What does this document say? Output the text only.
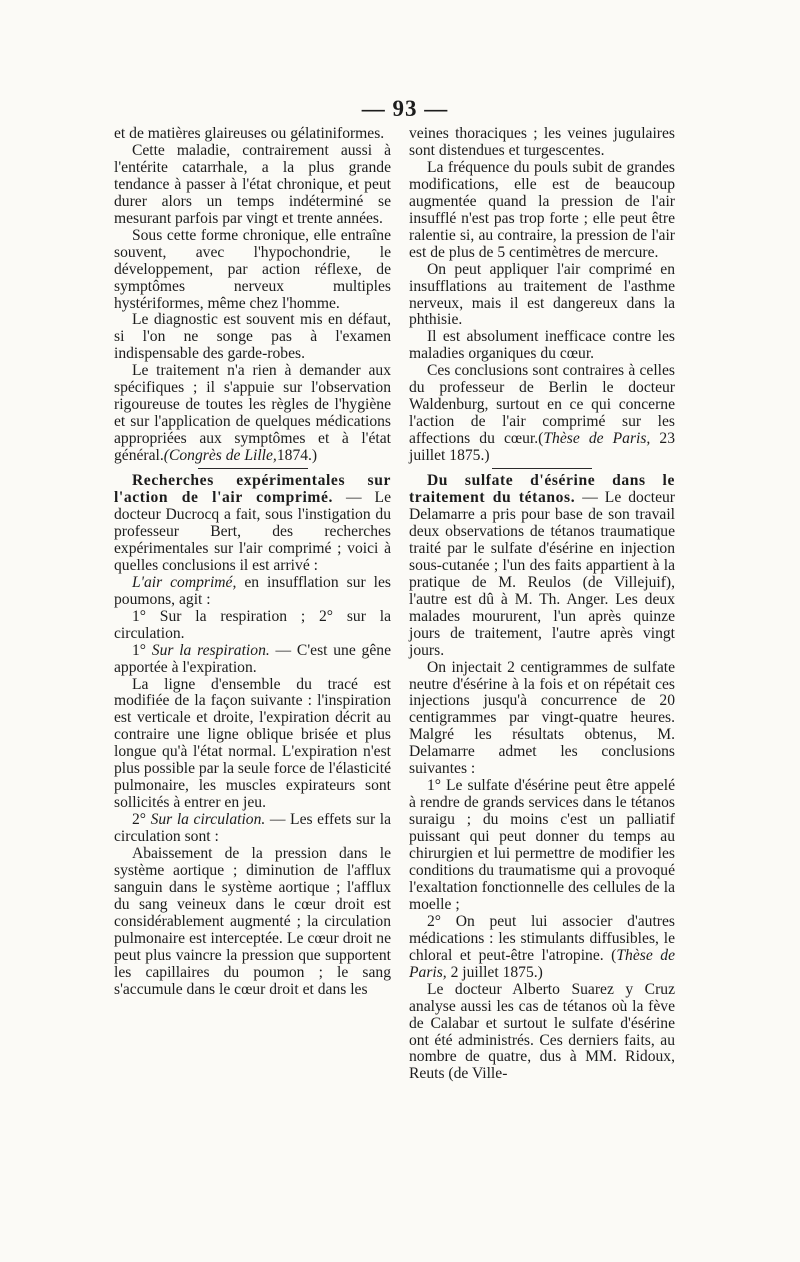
— 93 —

et de matières glaireuses ou gélatiniformes.

Cette maladie, contrairement aussi à l'entérite catarrhale, a la plus grande tendance à passer à l'état chronique, et peut durer alors un temps indéterminé se mesurant parfois par vingt et trente années.

Sous cette forme chronique, elle entraîne souvent, avec l'hypochondrie, le développement, par action réflexe, de symptômes nerveux multiples hystériformes, même chez l'homme.

Le diagnostic est souvent mis en défaut, si l'on ne songe pas à l'examen indispensable des garde-robes.

Le traitement n'a rien à demander aux spécifiques ; il s'appuie sur l'observation rigoureuse de toutes les règles de l'hygiène et sur l'application de quelques médications appropriées aux symptômes et à l'état général.(Congrès de Lille,1874.)

Recherches expérimentales sur l'action de l'air comprimé. — Le docteur Ducrocq a fait, sous l'instigation du professeur Bert, des recherches expérimentales sur l'air comprimé ; voici à quelles conclusions il est arrivé :

L'air comprimé, en insufflation sur les poumons, agit :

1° Sur la respiration ; 2° sur la circulation.

1° Sur la respiration. — C'est une gêne apportée à l'expiration.

La ligne d'ensemble du tracé est modifiée de la façon suivante : l'inspiration est verticale et droite, l'expiration décrit au contraire une ligne oblique brisée et plus longue qu'à l'état normal. L'expiration n'est plus possible par la seule force de l'élasticité pulmonaire, les muscles expirateurs sont sollicités à entrer en jeu.

2° Sur la circulation. — Les effets sur la circulation sont :

Abaissement de la pression dans le système aortique ; diminution de l'afflux sanguin dans le système aortique ; l'afflux du sang veineux dans le cœur droit est considérablement augmenté ; la circulation pulmonaire est interceptée. Le cœur droit ne peut plus vaincre la pression que supportent les capillaires du poumon ; le sang s'accumule dans le cœur droit et dans les

veines thoraciques ; les veines jugulaires sont distendues et turgescentes.

La fréquence du pouls subit de grandes modifications, elle est de beaucoup augmentée quand la pression de l'air insufflé n'est pas trop forte ; elle peut être ralentie si, au contraire, la pression de l'air est de plus de 5 centimètres de mercure.

On peut appliquer l'air comprimé en insufflations au traitement de l'asthme nerveux, mais il est dangereux dans la phthisie.

Il est absolument inefficace contre les maladies organiques du cœur.

Ces conclusions sont contraires à celles du professeur de Berlin le docteur Waldenburg, surtout en ce qui concerne l'action de l'air comprimé sur les affections du cœur.(Thèse de Paris, 23 juillet 1875.)

Du sulfate d'ésérine dans le traitement du tétanos. — Le docteur Delamarre a pris pour base de son travail deux observations de tétanos traumatique traité par le sulfate d'ésérine en injection sous-cutanée ; l'un des faits appartient à la pratique de M. Reulos (de Villejuif), l'autre est dû à M. Th. Anger. Les deux malades moururent, l'un après quinze jours de traitement, l'autre après vingt jours.

On injectait 2 centigrammes de sulfate neutre d'ésérine à la fois et on répétait ces injections jusqu'à concurrence de 20 centigrammes par vingt-quatre heures. Malgré les résultats obtenus, M. Delamarre admet les conclusions suivantes :

1° Le sulfate d'ésérine peut être appelé à rendre de grands services dans le tétanos suraigu ; du moins c'est un palliatif puissant qui peut donner du temps au chirurgien et lui permettre de modifier les conditions du traumatisme qui a provoqué l'exaltation fonctionnelle des cellules de la moelle ;

2° On peut lui associer d'autres médications : les stimulants diffusibles, le chloral et peut-être l'atropine. (Thèse de Paris, 2 juillet 1875.)

Le docteur Alberto Suarez y Cruz analyse aussi les cas de tétanos où la fève de Calabar et surtout le sulfate d'ésérine ont été administrés. Ces derniers faits, au nombre de quatre, dus à MM. Ridoux, Reuts (de Ville-
